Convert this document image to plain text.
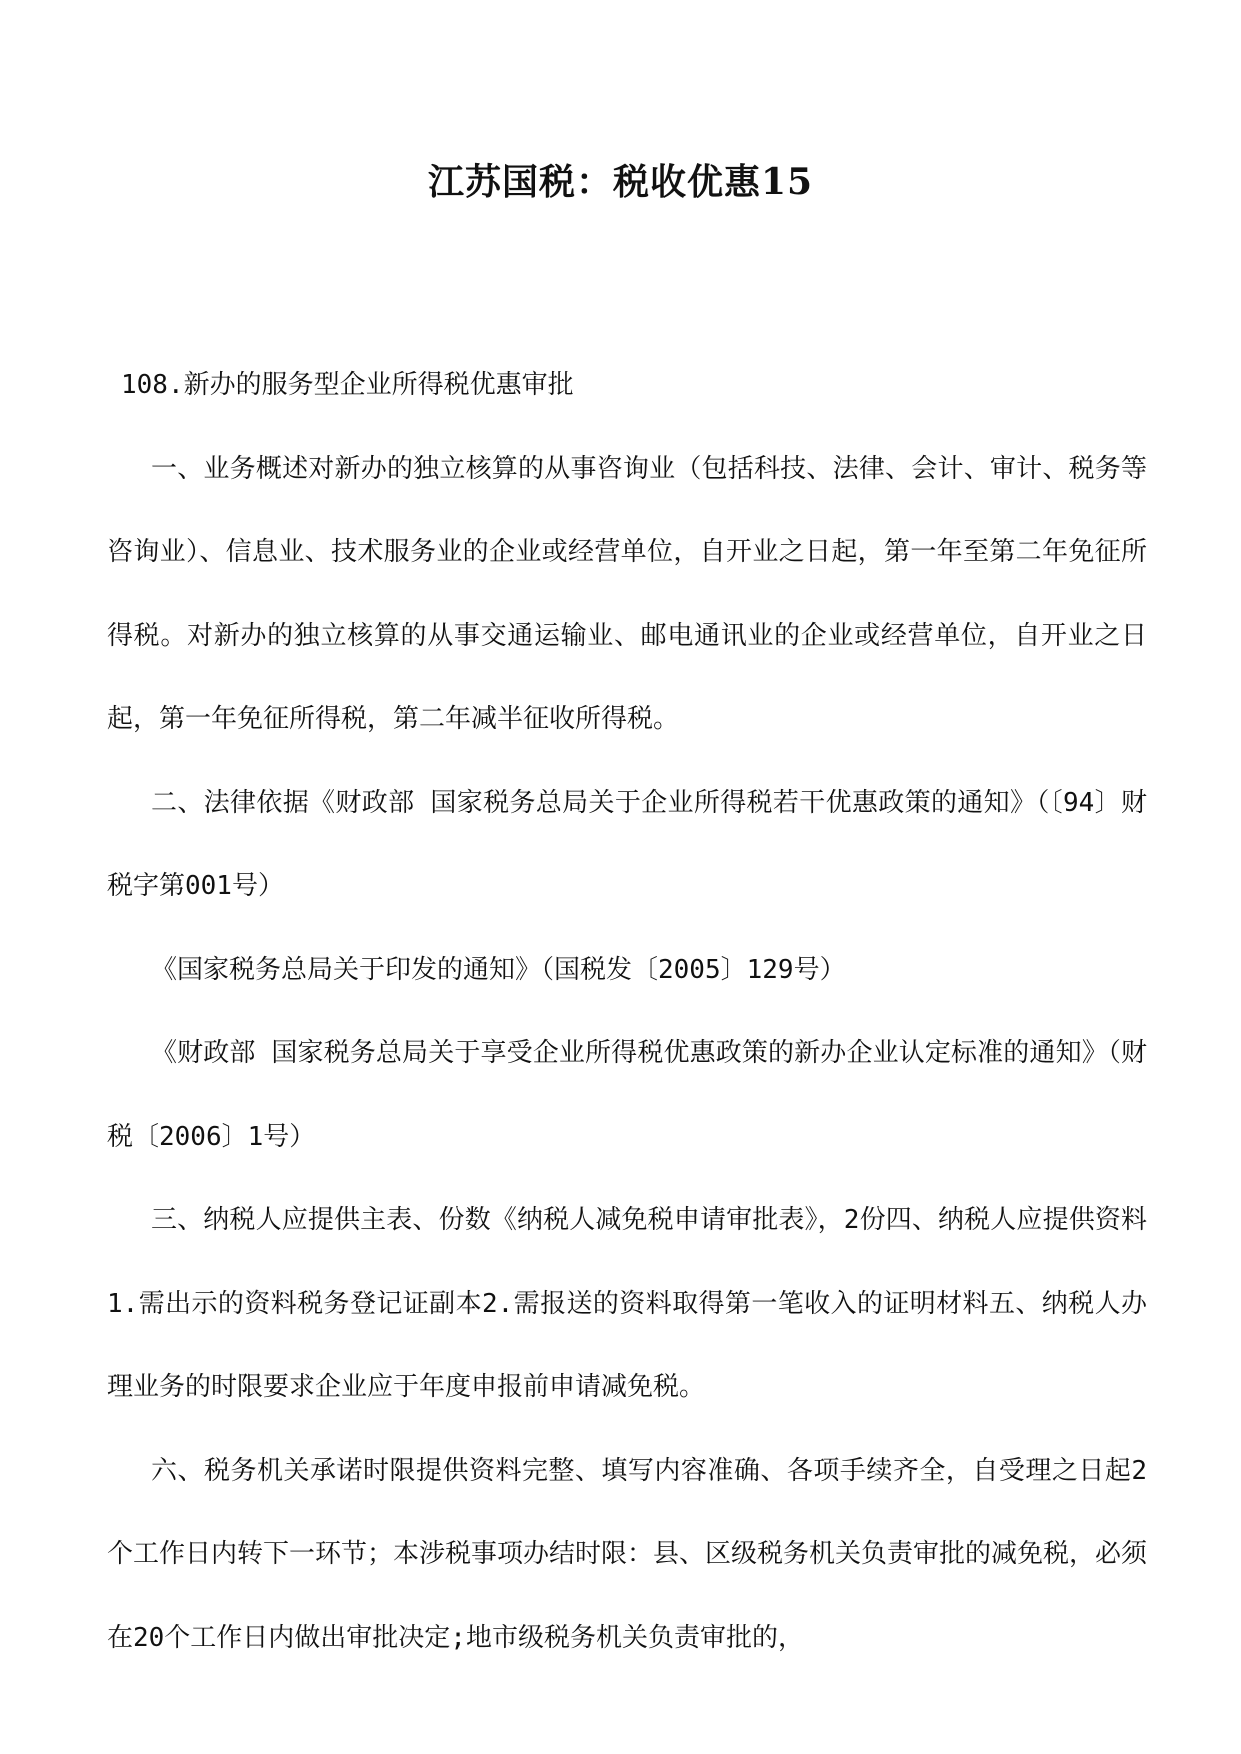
江苏国税：税收优惠15

108.新办的服务型企业所得税优惠审批

一、业务概述对新办的独立核算的从事咨询业（包括科技、法律、会计、审计、税务等咨询业）、信息业、技术服务业的企业或经营单位，自开业之日起，第一年至第二年免征所得税。对新办的独立核算的从事交通运输业、邮电通讯业的企业或经营单位，自开业之日起，第一年免征所得税，第二年减半征收所得税。

二、法律依据《财政部 国家税务总局关于企业所得税若干优惠政策的通知》（〔94〕财税字第001号）

《国家税务总局关于印发的通知》（国税发〔2005〕129号）

《财政部 国家税务总局关于享受企业所得税优惠政策的新办企业认定标准的通知》（财税〔2006〕1号）

三、纳税人应提供主表、份数《纳税人减免税申请审批表》，2份四、纳税人应提供资料1.需出示的资料税务登记证副本2.需报送的资料取得第一笔收入的证明材料五、纳税人办理业务的时限要求企业应于年度申报前申请减免税。

六、税务机关承诺时限提供资料完整、填写内容准确、各项手续齐全，自受理之日起2个工作日内转下一环节；本涉税事项办结时限：县、区级税务机关负责审批的减免税，必须在20个工作日内做出审批决定;地市级税务机关负责审批的，
